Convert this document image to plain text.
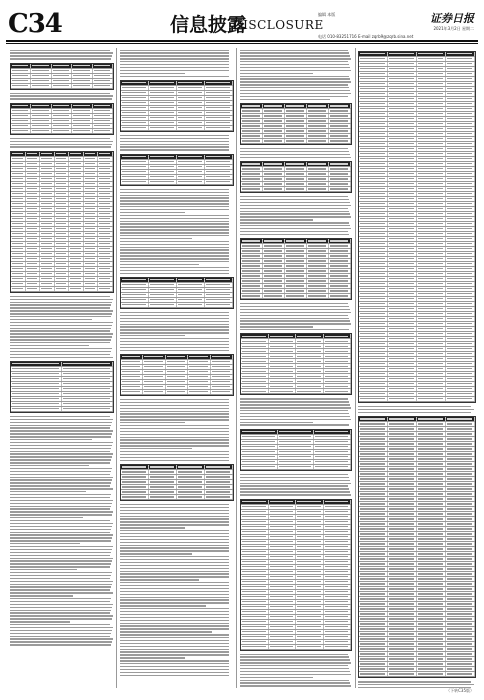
C34	信息披露
DISCLOSURE
编辑 本版
电话 010-83251716 E-mail zqrb9@zqrb.sina.net
证券日报
2021年3月2日 星期二
（下转C35版）
